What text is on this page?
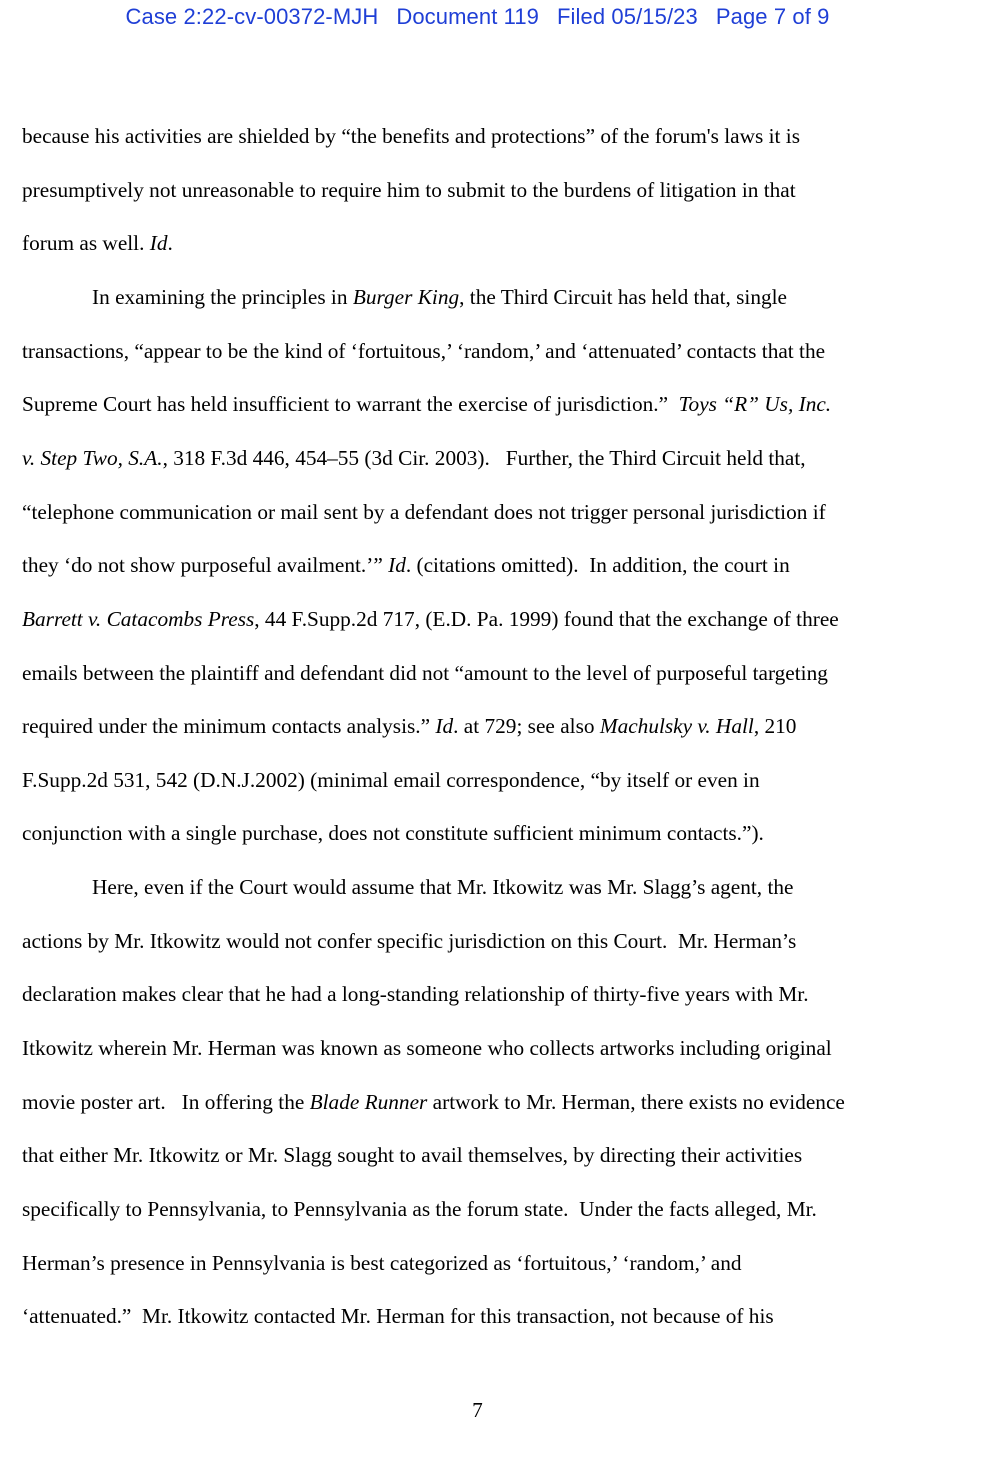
Case 2:22-cv-00372-MJH Document 119 Filed 05/15/23 Page 7 of 9
because his activities are shielded by “the benefits and protections” of the forum's laws it is
presumptively not unreasonable to require him to submit to the burdens of litigation in that
forum as well. Id.
In examining the principles in Burger King, the Third Circuit has held that, single
transactions, “appear to be the kind of ‘fortuitous,’ ‘random,’ and ‘attenuated’ contacts that the
Supreme Court has held insufficient to warrant the exercise of jurisdiction.”  Toys “R” Us, Inc.
v. Step Two, S.A., 318 F.3d 446, 454–55 (3d Cir. 2003).   Further, the Third Circuit held that,
“telephone communication or mail sent by a defendant does not trigger personal jurisdiction if
they ‘do not show purposeful availment.’” Id. (citations omitted).  In addition, the court in
Barrett v. Catacombs Press, 44 F.Supp.2d 717, (E.D. Pa. 1999) found that the exchange of three
emails between the plaintiff and defendant did not “amount to the level of purposeful targeting
required under the minimum contacts analysis.” Id. at 729; see also Machulsky v. Hall, 210
F.Supp.2d 531, 542 (D.N.J.2002) (minimal email correspondence, “by itself or even in
conjunction with a single purchase, does not constitute sufficient minimum contacts.”).
Here, even if the Court would assume that Mr. Itkowitz was Mr. Slagg’s agent, the
actions by Mr. Itkowitz would not confer specific jurisdiction on this Court.  Mr. Herman’s
declaration makes clear that he had a long-standing relationship of thirty-five years with Mr.
Itkowitz wherein Mr. Herman was known as someone who collects artworks including original
movie poster art.   In offering the Blade Runner artwork to Mr. Herman, there exists no evidence
that either Mr. Itkowitz or Mr. Slagg sought to avail themselves, by directing their activities
specifically to Pennsylvania, to Pennsylvania as the forum state.  Under the facts alleged, Mr.
Herman’s presence in Pennsylvania is best categorized as ‘fortuitous,’ ‘random,’ and
‘attenuated.”  Mr. Itkowitz contacted Mr. Herman for this transaction, not because of his
7
